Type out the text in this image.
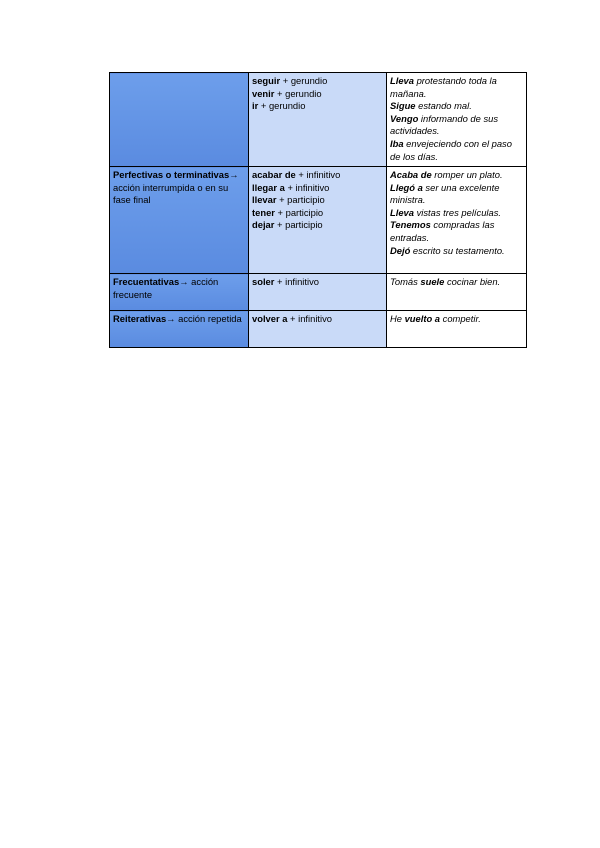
	seguir + gerundio
venir + gerundio
ir + gerundio	Lleva protestando toda la mañana.
Sigue estando mal.
Vengo informando de sus actividades.
Iba envejeciendo con el paso de los días.

Perfectivas o terminativas→ acción interrumpida o en su fase final	acabar de + infinitivo
llegar a + infinitivo
llevar + participio
tener + participio
dejar + participio	Acaba de romper un plato.
Llegó a ser una excelente ministra.
Lleva vistas tres películas.
Tenemos compradas las entradas.
Dejó escrito su testamento.

Frecuentativas→ acción frecuente	soler + infinitivo	Tomás suele cocinar bien.

Reiterativas→ acción repetida	volver a + infinitivo	He vuelto a competir.
